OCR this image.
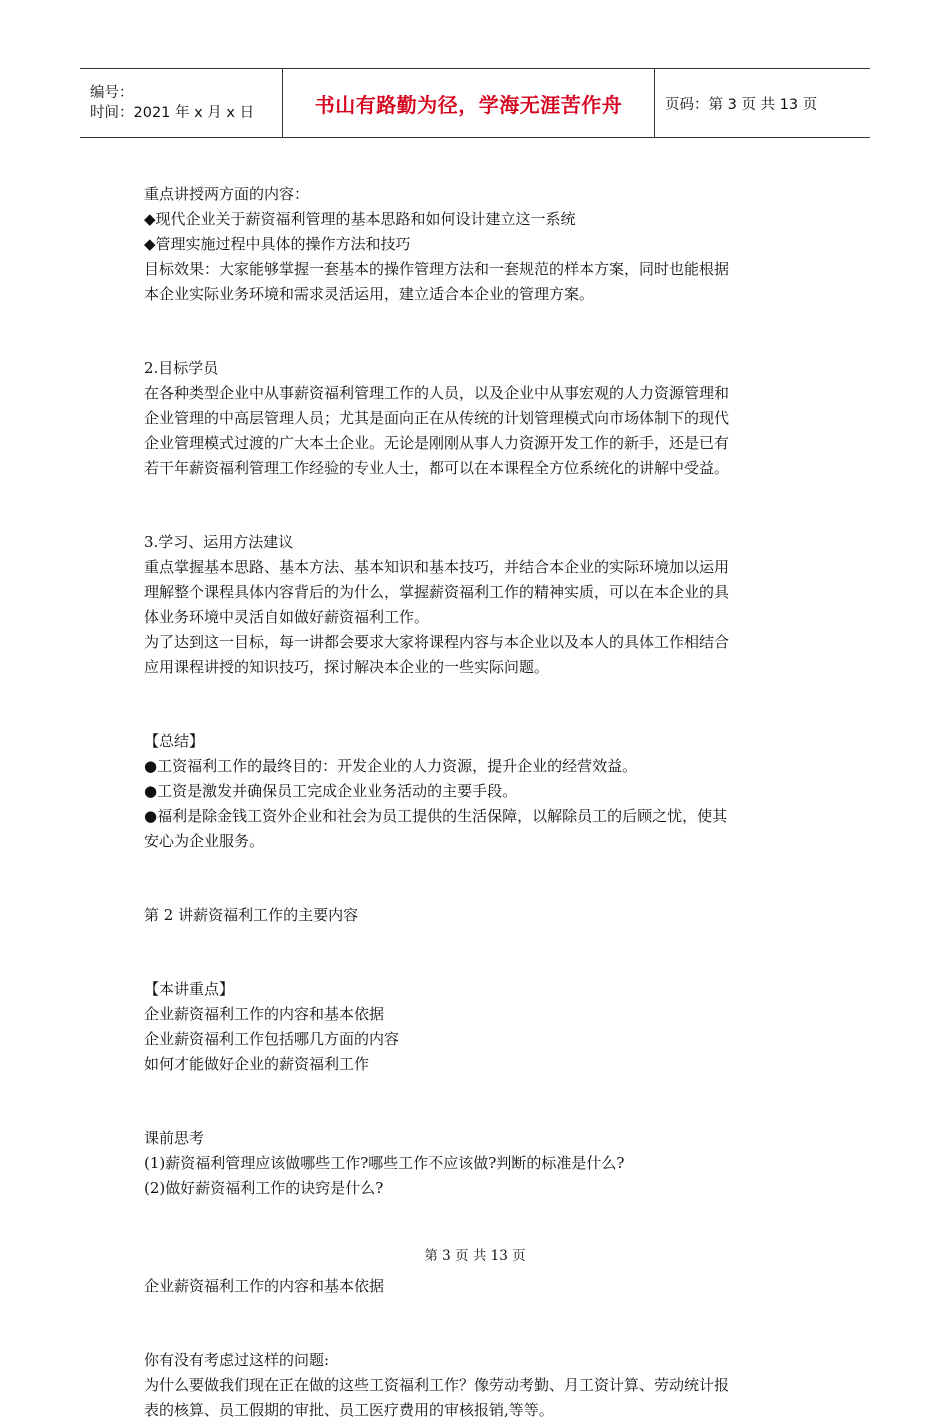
编号：
时间：2021 年 x 月 x 日	书山有路勤为径，学海无涯苦作舟	页码：第 3 页 共 13 页
重点讲授两方面的内容：
◆现代企业关于薪资福利管理的基本思路和如何设计建立这一系统
◆管理实施过程中具体的操作方法和技巧
目标效果：大家能够掌握一套基本的操作管理方法和一套规范的样本方案，同时也能根据
本企业实际业务环境和需求灵活运用，建立适合本企业的管理方案。
2.目标学员
在各种类型企业中从事薪资福利管理工作的人员，以及企业中从事宏观的人力资源管理和
企业管理的中高层管理人员；尤其是面向正在从传统的计划管理模式向市场体制下的现代
企业管理模式过渡的广大本土企业。无论是刚刚从事人力资源开发工作的新手，还是已有
若干年薪资福利管理工作经验的专业人士，都可以在本课程全方位系统化的讲解中受益。
3.学习、运用方法建议
重点掌握基本思路、基本方法、基本知识和基本技巧，并结合本企业的实际环境加以运用
理解整个课程具体内容背后的为什么，掌握薪资福利工作的精神实质，可以在本企业的具
体业务环境中灵活自如做好薪资福利工作。
为了达到这一目标，每一讲都会要求大家将课程内容与本企业以及本人的具体工作相结合
应用课程讲授的知识技巧，探讨解决本企业的一些实际问题。
【总结】
●工资福利工作的最终目的：开发企业的人力资源，提升企业的经营效益。
●工资是激发并确保员工完成企业业务活动的主要手段。
●福利是除金钱工资外企业和社会为员工提供的生活保障，以解除员工的后顾之忧，使其
安心为企业服务。
第 2 讲薪资福利工作的主要内容
【本讲重点】
企业薪资福利工作的内容和基本依据
企业薪资福利工作包括哪几方面的内容
如何才能做好企业的薪资福利工作
课前思考
(1)薪资福利管理应该做哪些工作?哪些工作不应该做?判断的标准是什么?
(2)做好薪资福利工作的诀窍是什么?
企业薪资福利工作的内容和基本依据
你有没有考虑过这样的问题:
为什么要做我们现在正在做的这些工资福利工作？像劳动考勤、月工资计算、劳动统计报
表的核算、员工假期的审批、员工医疗费用的审核报销,等等。
第 3 页 共 13 页
